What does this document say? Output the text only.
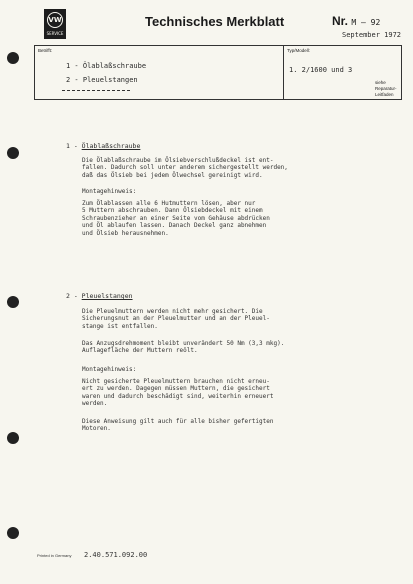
VW
SERVICE
Technisches Merkblatt	Nr. M – 92
September 1972
Betrifft:
1 - Ölablaßschraube
2 - Pleuelstangen
Typ/Modell:
1. 2/1600 und 3
siehe
Reparatur-
Leitfaden
1 - Ölablaßschraube
Die Ölablaßschraube im Ölsiebverschlußdeckel ist ent-
fallen. Dadurch soll unter anderem sichergestellt werden,
daß das Ölsieb bei jedem Ölwechsel gereinigt wird.
Montagehinweis:
Zum Ölablassen alle 6 Hutmuttern lösen, aber nur
5 Muttern abschrauben. Dann Ölsiebdeckel mit einem
Schraubenzieher an einer Seite vom Gehäuse abdrücken
und Öl ablaufen lassen. Danach Deckel ganz abnehmen
und Ölsieb herausnehmen.
2 - Pleuelstangen
Die Pleuelmuttern werden nicht mehr gesichert. Die
Sicherungsnut an der Pleuelmutter und an der Pleuel-
stange ist entfallen.
Das Anzugsdrehmoment bleibt unverändert 50 Nm (3,3 mkg).
Auflagefläche der Muttern reölt.
Montagehinweis:
Nicht gesicherte Pleuelmuttern brauchen nicht erneu-
ert zu werden. Dagegen müssen Muttern, die gesichert
waren und dadurch beschädigt sind, weiterhin erneuert
werden.
Diese Anweisung gilt auch für alle bisher gefertigten
Motoren.
Printed in Germany 2.40.571.092.00
